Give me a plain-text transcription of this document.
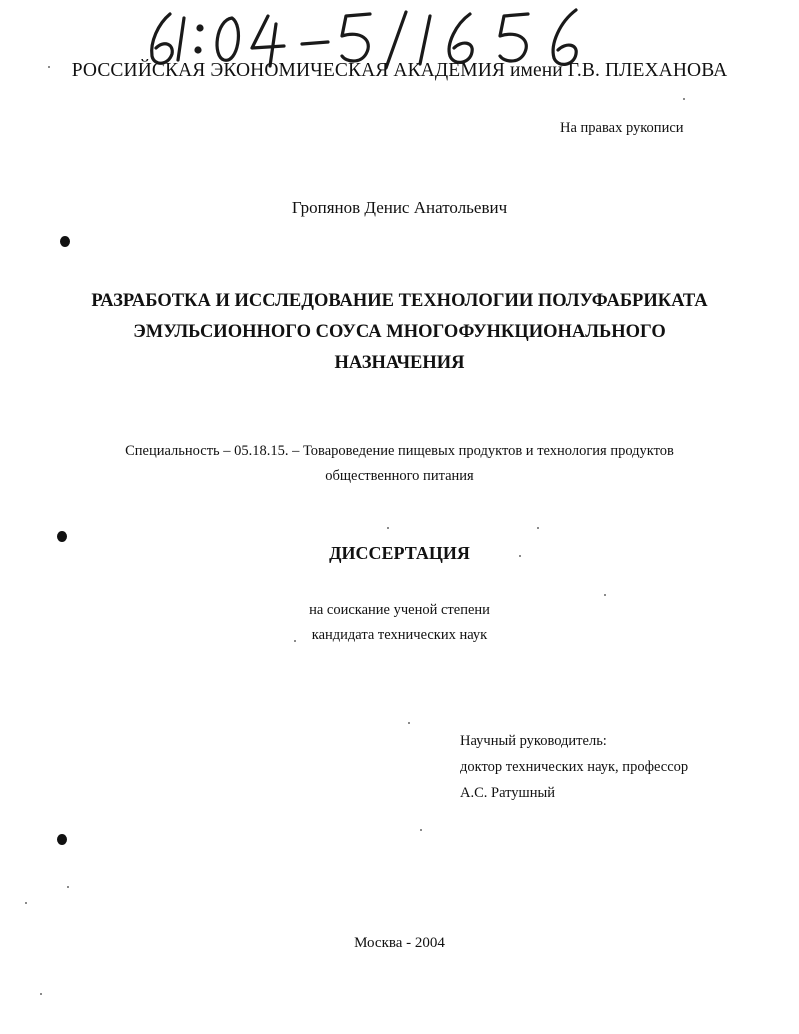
РОССИЙСКАЯ ЭКОНОМИЧЕСКАЯ АКАДЕМИЯ имени Г.В. ПЛЕХАНОВА
На правах рукописи
Гропянов Денис Анатольевич
РАЗРАБОТКА И ИССЛЕДОВАНИЕ ТЕХНОЛОГИИ ПОЛУФАБРИКАТА
ЭМУЛЬСИОННОГО СОУСА МНОГОФУНКЦИОНАЛЬНОГО
НАЗНАЧЕНИЯ
Специальность – 05.18.15. – Товароведение пищевых продуктов и технология продуктов
общественного питания
ДИССЕРТАЦИЯ
на соискание ученой степени
кандидата технических наук
Научный руководитель:
доктор технических наук, профессор
А.С. Ратушный
Москва - 2004
